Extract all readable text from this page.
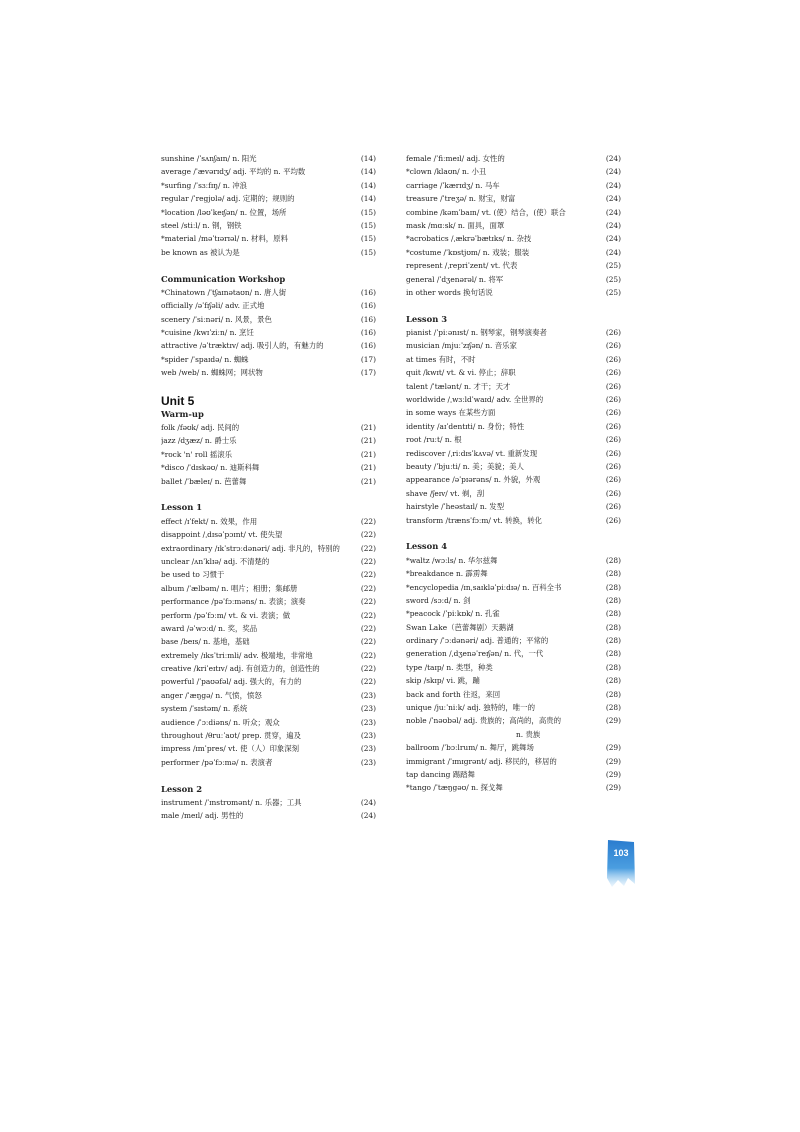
sunshine /ˈsʌnʃaɪn/ n. 阳光	(14)
average /ˈævərɪdʒ/ adj. 平均的 n. 平均数	(14)
*surfing /ˈsɜːfɪŋ/ n. 冲浪	(14)
regular /ˈregjʊlə/ adj. 定期的；规则的	(14)
*location /ləʊˈkeɪʃən/ n. 位置，场所	(15)
steel /stiːl/ n. 钢，钢铁	(15)
*material /məˈtɪərɪəl/ n. 材料，原料	(15)
be known as 被认为是	(15)
Communication Workshop
*Chinatown /ˈtʃaɪnətaʊn/ n. 唐人街	(16)
officially /əˈfɪʃəli/ adv. 正式地	(16)
scenery /ˈsiːnəri/ n. 风景，景色	(16)
*cuisine /kwɪˈziːn/ n. 烹饪	(16)
attractive /əˈtræktɪv/ adj. 吸引人的，有魅力的	(16)
*spider /ˈspaɪdə/ n. 蜘蛛	(17)
web /web/ n. 蜘蛛网；网状物	(17)
Unit 5
Warm-up
folk /fəʊk/ adj. 民间的	(21)
jazz /dʒæz/ n. 爵士乐	(21)
*rock 'n' roll 摇滚乐	(21)
*disco /ˈdɪskəʊ/ n. 迪斯科舞	(21)
ballet /ˈbæleɪ/ n. 芭蕾舞	(21)
Lesson 1
effect /ɪˈfekt/ n. 效果，作用	(22)
disappoint /ˌdɪsəˈpɔɪnt/ vt. 使失望	(22)
extraordinary /ɪkˈstrɔːdənəri/ adj. 非凡的，特别的	(22)
unclear /ʌnˈklɪə/ adj. 不清楚的	(22)
be used to 习惯于	(22)
album /ˈælbəm/ n. 唱片；相册；集邮册	(22)
performance /pəˈfɔːməns/ n. 表演；演奏	(22)
perform /pəˈfɔːm/ vt. & vi. 表演；做	(22)
award /əˈwɔːd/ n. 奖，奖品	(22)
base /beɪs/ n. 基地，基础	(22)
extremely /ɪksˈtriːmli/ adv. 极端地，非常地	(22)
creative /kriˈeɪtɪv/ adj. 有创造力的，创造性的	(22)
powerful /ˈpaʊəfəl/ adj. 强大的，有力的	(22)
anger /ˈæŋgə/ n. 气愤，愤怒	(23)
system /ˈsɪstəm/ n. 系统	(23)
audience /ˈɔːdiəns/ n. 听众；观众	(23)
throughout /θruːˈaʊt/ prep. 贯穿，遍及	(23)
impress /ɪmˈpres/ vt. 使（人）印象深刻	(23)
performer /pəˈfɔːmə/ n. 表演者	(23)
Lesson 2
instrument /ˈɪnstrʊmənt/ n. 乐器；工具	(24)
male /meɪl/ adj. 男性的	(24)
female /ˈfiːmeɪl/ adj. 女性的	(24)
*clown /klaʊn/ n. 小丑	(24)
carriage /ˈkærɪdʒ/ n. 马车	(24)
treasure /ˈtreʒə/ n. 财宝，财富	(24)
combine /kəmˈbaɪn/ vt. (使）结合，(使）联合	(24)
mask /mɑːsk/ n. 面具，面罩	(24)
*acrobatics /ˌækrəˈbætɪks/ n. 杂技	(24)
*costume /ˈkɒstjʊm/ n. 戏装；服装	(24)
represent /ˌrepriˈzent/ vt. 代表	(25)
general /ˈdʒenərəl/ n. 将军	(25)
in other words 换句话说	(25)
Lesson 3
pianist /ˈpiːənɪst/ n. 钢琴家，钢琴演奏者	(26)
musician /mjuːˈzɪʃən/ n. 音乐家	(26)
at times 有时，不时	(26)
quit /kwɪt/ vt. & vi. 停止；辞职	(26)
talent /ˈtælənt/ n. 才干；天才	(26)
worldwide /ˌwɜːldˈwaɪd/ adv. 全世界的	(26)
in some ways 在某些方面	(26)
identity /aɪˈdentɪti/ n. 身份；特性	(26)
root /ruːt/ n. 根	(26)
rediscover /ˌriːdɪsˈkʌvə/ vt. 重新发现	(26)
beauty /ˈbjuːti/ n. 美；美貌；美人	(26)
appearance /əˈpɪərəns/ n. 外貌，外观	(26)
shave /ʃeɪv/ vt. 剃，刮	(26)
hairstyle /ˈheəstaɪl/ n. 发型	(26)
transform /trænsˈfɔːm/ vt. 转换，转化	(26)
Lesson 4
*waltz /wɔːls/ n. 华尔兹舞	(28)
*breakdance n. 霹雳舞	(28)
*encyclopedia /ɪnˌsaɪkləˈpiːdɪə/ n. 百科全书	(28)
sword /sɔːd/ n. 剑	(28)
*peacock /ˈpiːkɒk/ n. 孔雀	(28)
Swan Lake（芭蕾舞剧）天鹅湖	(28)
ordinary /ˈɔːdənəri/ adj. 普通的；平常的	(28)
generation /ˌdʒenəˈreɪʃən/ n. 代，一代	(28)
type /taɪp/ n. 类型，种类	(28)
skip /skɪp/ vi. 跳，蹦	(28)
back and forth 往返，来回	(28)
unique /juːˈniːk/ adj. 独特的，唯一的	(28)
noble /ˈnəʊbəl/ adj. 贵族的；高尚的，高贵的	(29)
n. 贵族
ballroom /ˈbɔːlrum/ n. 舞厅，跳舞场	(29)
immigrant /ˈɪmɪgrənt/ adj. 移民的，移居的	(29)
tap dancing 踢踏舞	(29)
*tango /ˈtæŋgəʊ/ n. 探戈舞	(29)
103
